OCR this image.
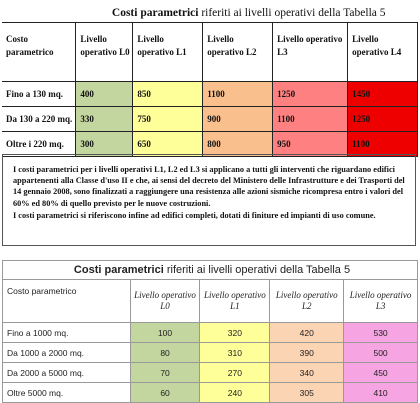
	Costi parametrici riferiti ai livelli operativi della Tabella 5				
Costo parametrico	Livello operativo L0	Livello operativo L1	Livello operativo L2	Livello operativo L3	Livello operativo L4
Fino a 130 mq.	400	850	1100	1250	1450
Da 130 a 220 mq.	330	750	900	1100	1250
Oltre i 220 mq.	300	650	800	950	1100

I costi parametrici per i livelli operativi L1, L2 ed L3 si applicano a tutti gli interventi che riguardano edifici appartenenti alla Classe d'uso II e che, ai sensi del decreto del Ministero delle Infrastrutture e dei Trasporti del 14 gennaio 2008, sono finalizzati a raggiungere una resistenza alle azioni sismiche ricompresa entro i valori del 60% ed 80% di quello previsto per le nuove costruzioni.

I costi parametrici si riferiscono infine ad edifici completi, dotati di finiture ed impianti di uso comune.

Costi parametrici riferiti ai livelli operativi della Tabella 5				
Costo parametrico	Livello operativo L0	Livello operativo L1	Livello operativo L2	Livello operativo L3
Fino a 1000 mq.	100	320	420	530
Da 1000 a 2000 mq.	80	310	390	500
Da 2000 a 5000 mq.	70	270	340	450
Oltre 5000 mq.	60	240	305	410
